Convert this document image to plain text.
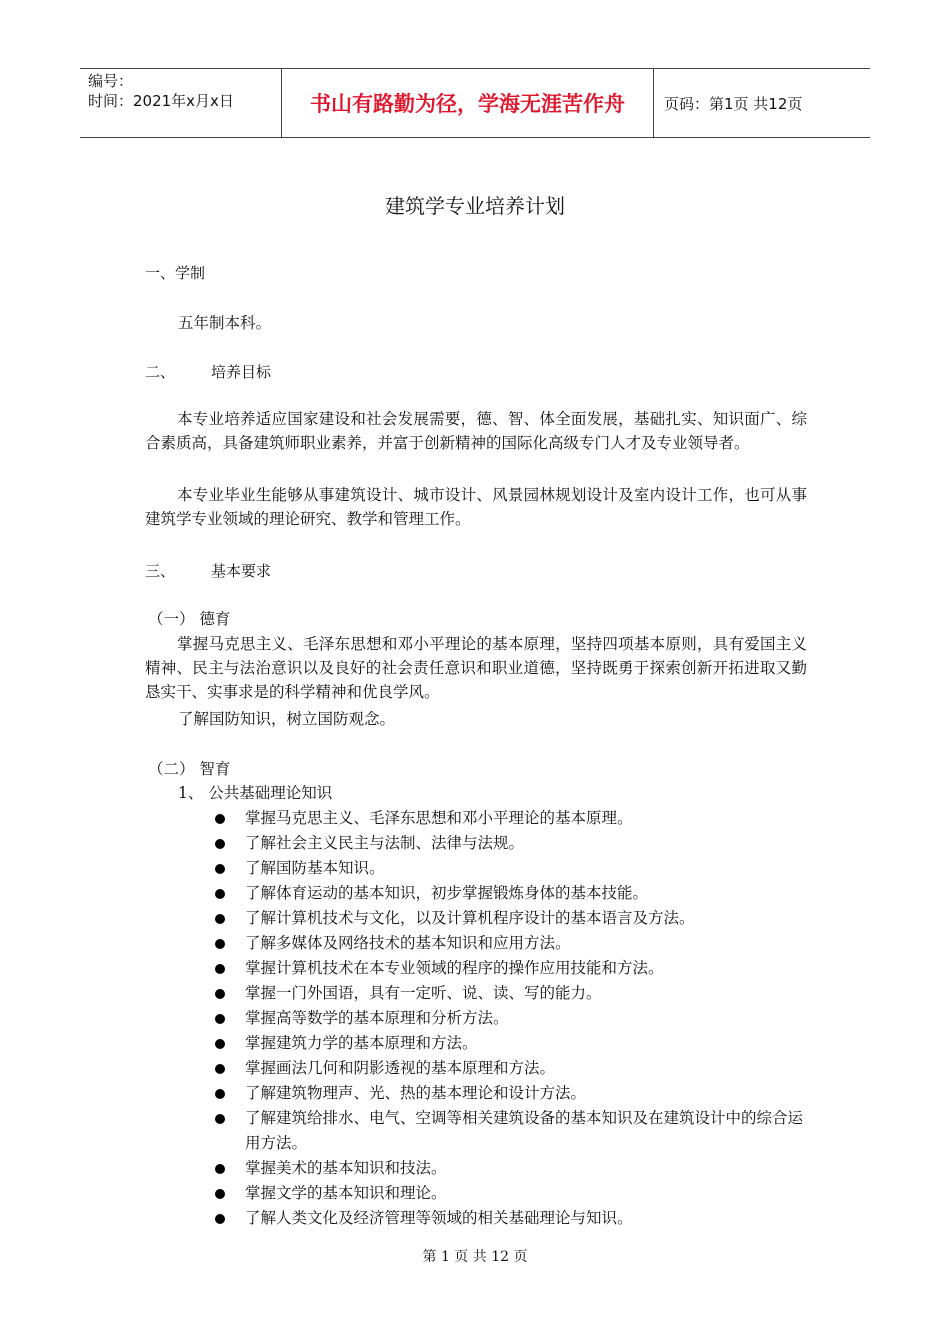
编号：
时间：2021年x月x日	书山有路勤为径，学海无涯苦作舟	页码：第1页 共12页
建筑学专业培养计划
一、学制
五年制本科。
二、 培养目标
本专业培养适应国家建设和社会发展需要，德、智、体全面发展，基础扎实、知识面广、综合素质高，具备建筑师职业素养，并富于创新精神的国际化高级专门人才及专业领导者。
本专业毕业生能够从事建筑设计、城市设计、风景园林规划设计及室内设计工作，也可从事建筑学专业领域的理论研究、教学和管理工作。
三、 基本要求
（一） 德育
掌握马克思主义、毛泽东思想和邓小平理论的基本原理，坚持四项基本原则，具有爱国主义精神、民主与法治意识以及良好的社会责任意识和职业道德，坚持既勇于探索创新开拓进取又勤恳实干、实事求是的科学精神和优良学风。
了解国防知识，树立国防观念。
（二） 智育
1、 公共基础理论知识
掌握马克思主义、毛泽东思想和邓小平理论的基本原理。
了解社会主义民主与法制、法律与法规。
了解国防基本知识。
了解体育运动的基本知识，初步掌握锻炼身体的基本技能。
了解计算机技术与文化，以及计算机程序设计的基本语言及方法。
了解多媒体及网络技术的基本知识和应用方法。
掌握计算机技术在本专业领域的程序的操作应用技能和方法。
掌握一门外国语，具有一定听、说、读、写的能力。
掌握高等数学的基本原理和分析方法。
掌握建筑力学的基本原理和方法。
掌握画法几何和阴影透视的基本原理和方法。
了解建筑物理声、光、热的基本理论和设计方法。
了解建筑给排水、电气、空调等相关建筑设备的基本知识及在建筑设计中的综合运用方法。
掌握美术的基本知识和技法。
掌握文学的基本知识和理论。
了解人类文化及经济管理等领域的相关基础理论与知识。
第 1 页 共 12 页
